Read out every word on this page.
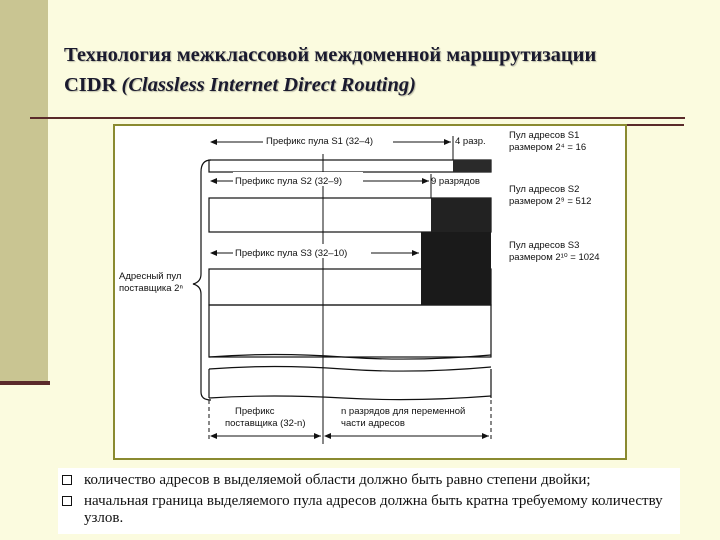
Технология межклассовой междоменной маршрутизации
CIDR (Classless Internet Direct Routing)
Префикс пула S1 (32–4)	4 разр.
Пул адресов S1
размером 2⁴ = 16
Префикс пула S2 (32–9)	9 разрядов
Пул адресов S2
размером 2⁹ = 512
Префикс пула S3 (32–10)
Пул адресов S3
размером 2¹⁰ = 1024
Адресный пул
поставщика 2ⁿ
Префикс
поставщика (32-n)
n разрядов для переменной
части адресов
количество адресов в выделяемой области должно быть равно степени двойки;
начальная граница выделяемого пула адресов должна быть кратна требуемому количеству узлов.
